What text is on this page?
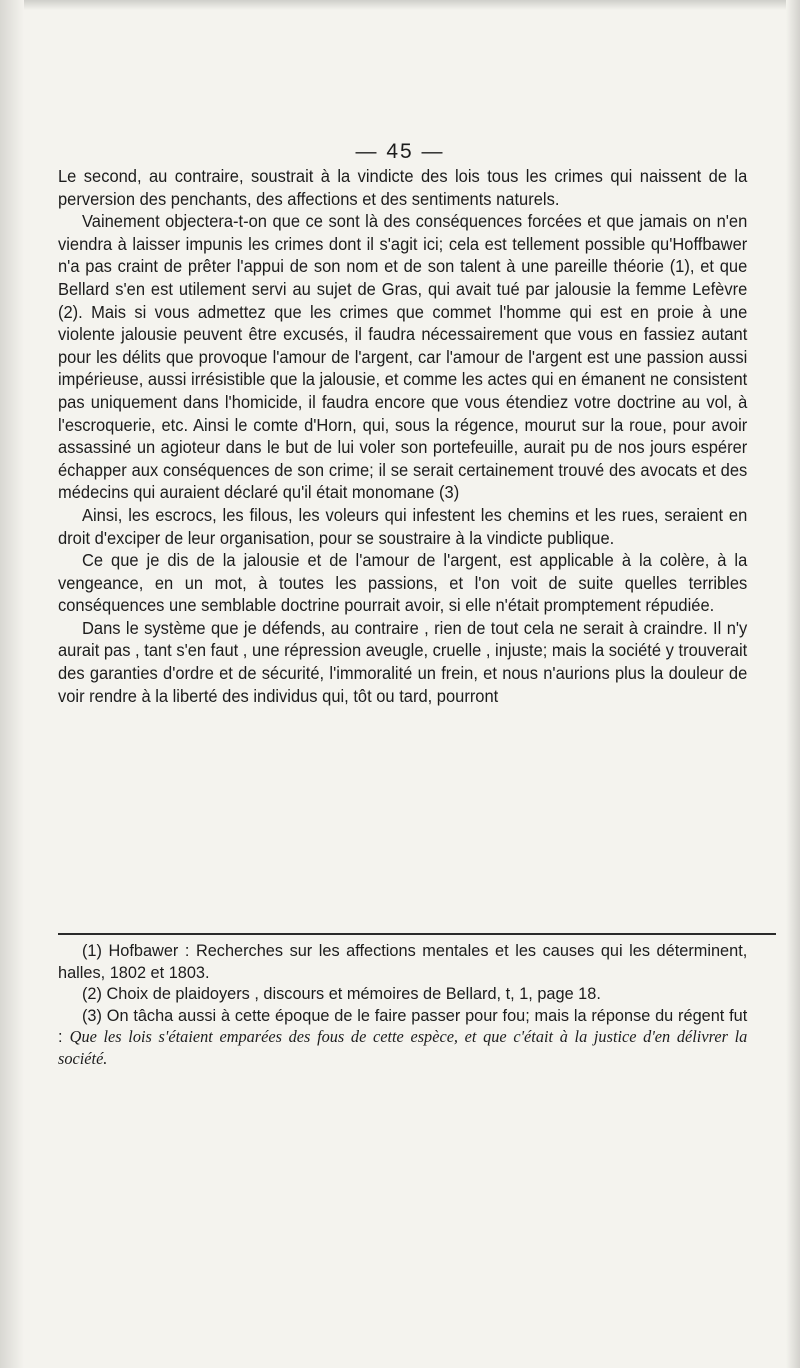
— 45 —

Le second, au contraire, soustrait à la vindicte des lois tous les crimes qui naissent de la perversion des penchants, des affections et des sentiments naturels.

Vainement objectera-t-on que ce sont là des conséquences forcées et que jamais on n'en viendra à laisser impunis les crimes dont il s'agit ici; cela est tellement possible qu'Hoffbawer n'a pas craint de prêter l'appui de son nom et de son talent à une pareille théorie (1), et que Bellard s'en est utilement servi au sujet de Gras, qui avait tué par jalousie la femme Lefèvre (2). Mais si vous admettez que les crimes que commet l'homme qui est en proie à une violente jalousie peuvent être excusés, il faudra nécessairement que vous en fassiez autant pour les délits que provoque l'amour de l'argent, car l'amour de l'argent est une passion aussi impérieuse, aussi irrésistible que la jalousie, et comme les actes qui en émanent ne consistent pas uniquement dans l'homicide, il faudra encore que vous étendiez votre doctrine au vol, à l'escroquerie, etc. Ainsi le comte d'Horn, qui, sous la régence, mourut sur la roue, pour avoir assassiné un agioteur dans le but de lui voler son portefeuille, aurait pu de nos jours espérer échapper aux conséquences de son crime; il se serait certainement trouvé des avocats et des médecins qui auraient déclaré qu'il était monomane (3)

Ainsi, les escrocs, les filous, les voleurs qui infestent les chemins et les rues, seraient en droit d'exciper de leur organisation, pour se soustraire à la vindicte publique.

Ce que je dis de la jalousie et de l'amour de l'argent, est applicable à la colère, à la vengeance, en un mot, à toutes les passions, et l'on voit de suite quelles terribles conséquences une semblable doctrine pourrait avoir, si elle n'était promptement répudiée.

Dans le système que je défends, au contraire , rien de tout cela ne serait à craindre. Il n'y aurait pas , tant s'en faut , une répression aveugle, cruelle , injuste; mais la société y trouverait des garanties d'ordre et de sécurité, l'immoralité un frein, et nous n'aurions plus la douleur de voir rendre à la liberté des individus qui, tôt ou tard, pourront

(1) Hofbawer : Recherches sur les affections mentales et les causes qui les déterminent, halles, 1802 et 1803.

(2) Choix de plaidoyers , discours et mémoires de Bellard, t, 1, page 18.

(3) On tâcha aussi à cette époque de le faire passer pour fou; mais la réponse du régent fut : Que les lois s'étaient emparées des fous de cette espèce, et que c'était à la justice d'en délivrer la société.
